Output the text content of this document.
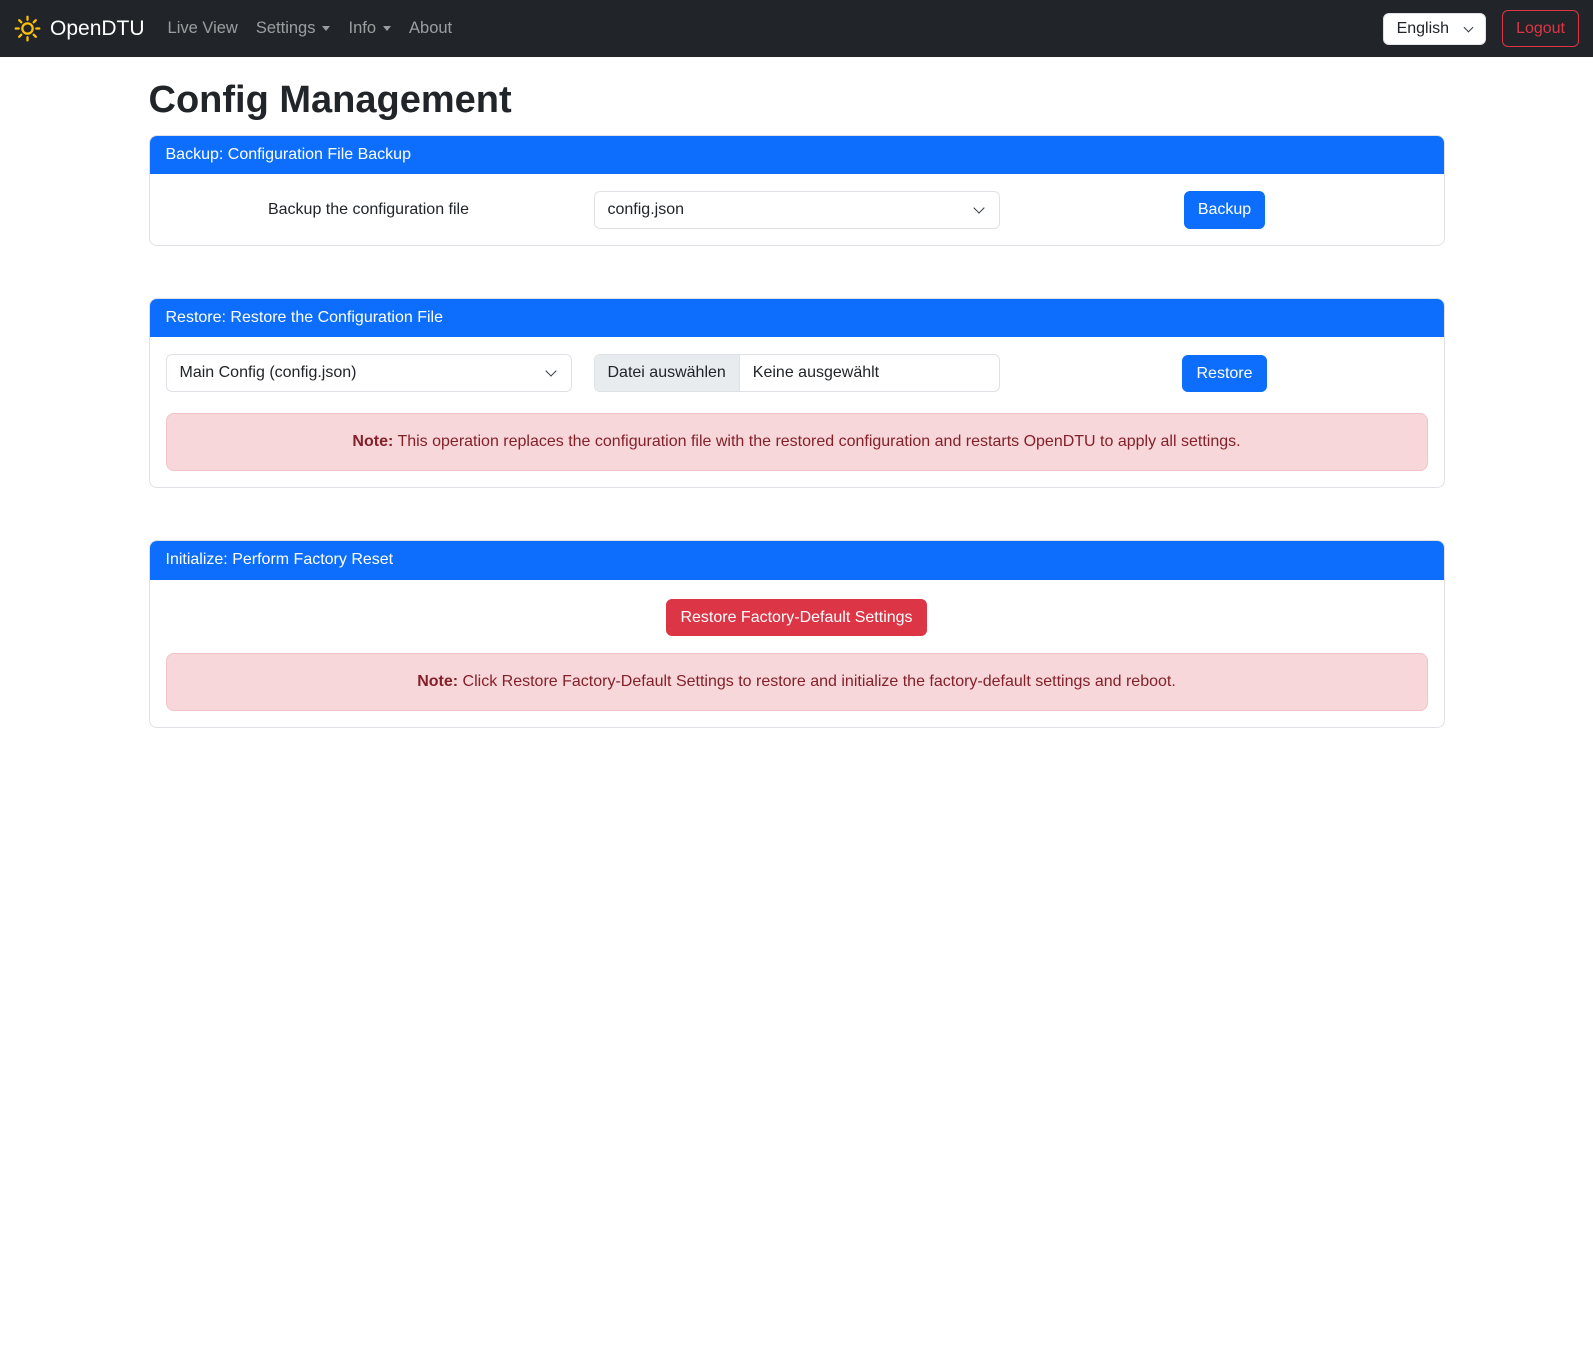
OpenDTU	Live View	Settings Info	About	English	Logout
Config Management
Backup: Configuration File Backup
Backup the configuration file	config.json	Backup
Restore: Restore the Configuration File
Main Config (config.json)	Datei auswählen	Keine ausgewählt	Restore
Note: This operation replaces the configuration file with the restored configuration and restarts OpenDTU to apply all settings.
Initialize: Perform Factory Reset
Restore Factory-Default Settings
Note: Click Restore Factory-Default Settings to restore and initialize the factory-default settings and reboot.
